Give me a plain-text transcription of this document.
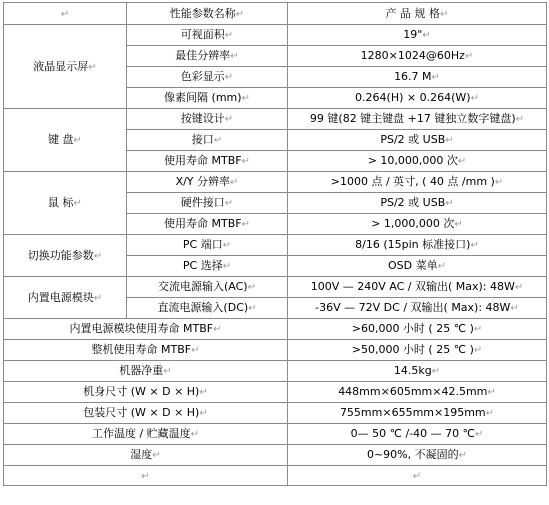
↵	性能参数名称↵	产 品 规 格↵
液晶显示屏↵	可视面积↵	19"↵
	最佳分辨率↵	1280×1024@60Hz↵
	色彩显示↵	16.7 M↵
	像素间隔 (mm)↵	0.264(H) × 0.264(W)↵
键 盘↵	按键设计↵	99 键(82 键主键盘 +17 键独立数字键盘)↵
	接口↵	PS/2 或 USB↵
	使用寿命 MTBF↵	> 10,000,000 次↵
鼠 标↵	X/Y 分辨率↵	>1000 点 / 英寸, ( 40 点 /mm )↵
	硬件接口↵	PS/2 或 USB↵
	使用寿命 MTBF↵	> 1,000,000 次↵
切换功能参数↵	PC 端口↵	8/16 (15pin 标准接口)↵
	PC 选择↵	OSD 菜单↵
内置电源模块↵	交流电源输入(AC)↵	100V — 240V AC / 双输出( Max): 48W↵
	直流电源输入(DC)↵	-36V — 72V DC / 双输出( Max): 48W↵
内置电源模块使用寿命 MTBF↵		>60,000 小时 ( 25 ℃ )↵
整机使用寿命 MTBF↵		>50,000 小时 ( 25 ℃ )↵
机器净重↵		14.5kg↵
机身尺寸 (W × D × H)↵		448mm×605mm×42.5mm↵
包装尺寸 (W × D × H)↵		755mm×655mm×195mm↵
工作温度 / 贮藏温度↵		0— 50 ℃ /-40 — 70 ℃↵
湿度↵		0~90%, 不凝固的↵
↵		↵
